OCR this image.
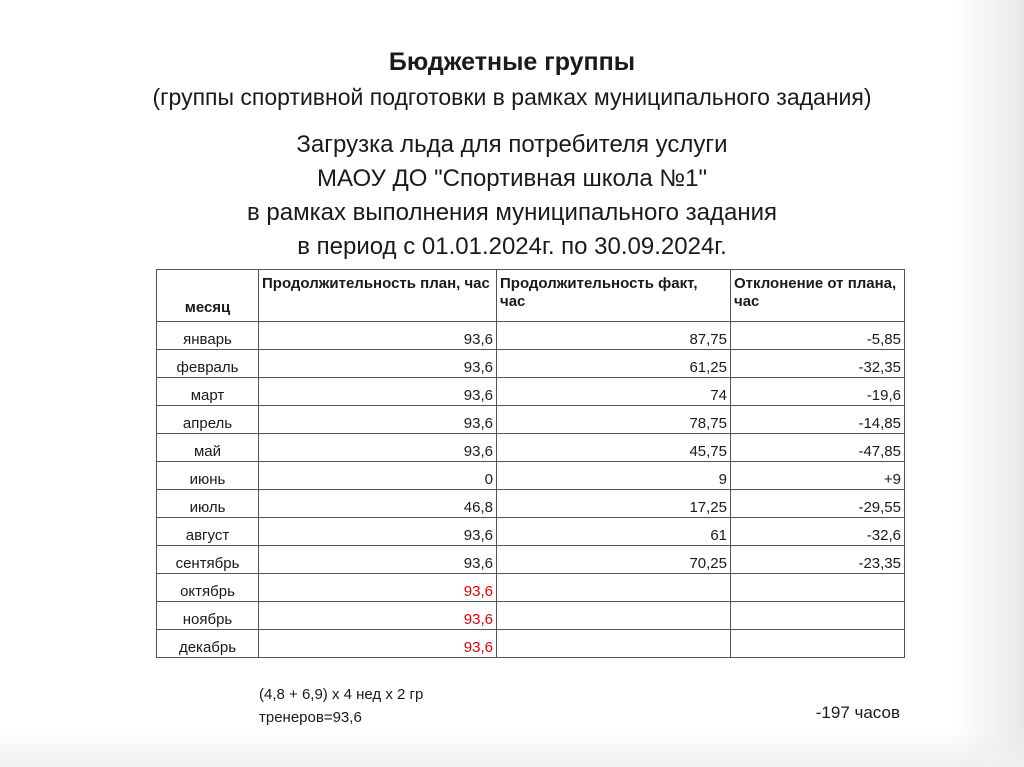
Бюджетные группы
(группы спортивной подготовки в рамках муниципального задания)
Загрузка льда для потребителя услуги
МАОУ ДО "Спортивная школа №1"
в рамках выполнения муниципального задания
в период с 01.01.2024г. по 30.09.2024г.
месяц	Продолжительность план, час	Продолжительность факт, час	Отклонение от плана, час
январь	93,6	87,75	-5,85
февраль	93,6	61,25	-32,35
март	93,6	74	-19,6
апрель	93,6	78,75	-14,85
май	93,6	45,75	-47,85
июнь	0	9	+9
июль	46,8	17,25	-29,55
август	93,6	61	-32,6
сентябрь	93,6	70,25	-23,35
октябрь	93,6		
ноябрь	93,6		
декабрь	93,6		
(4,8 + 6,9) х 4 нед х 2 гр
тренеров=93,6	-197 часов
